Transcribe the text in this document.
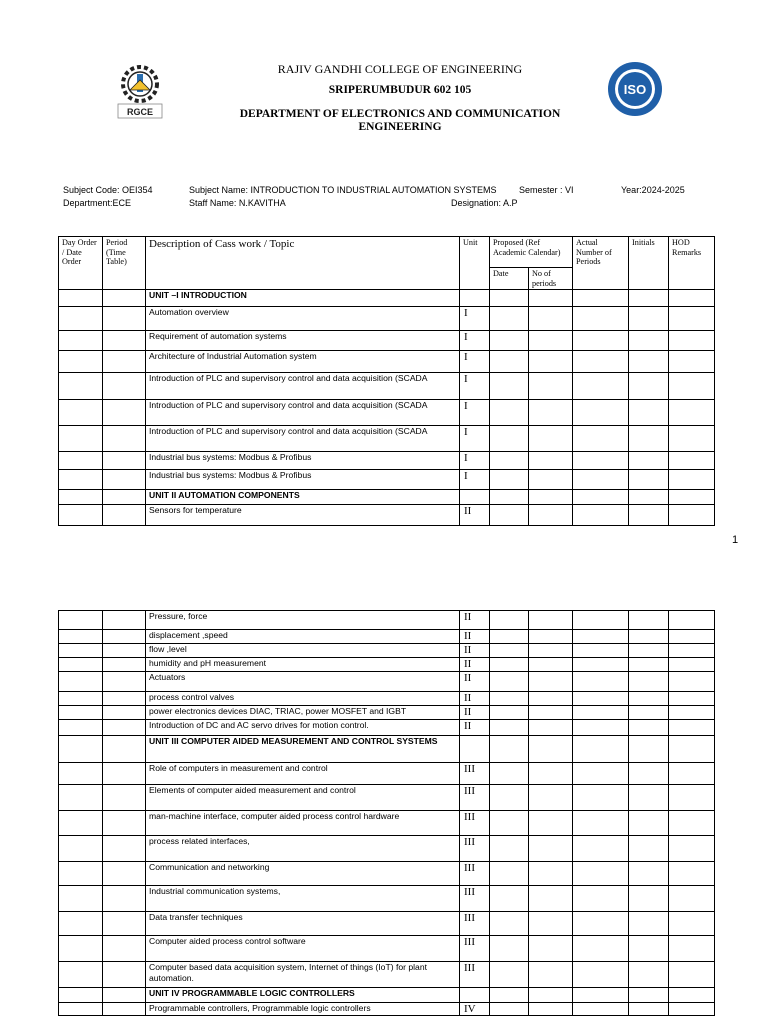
RGCE
ISO
RAJIV GANDHI COLLEGE OF ENGINEERING
SRIPERUMBUDUR 602 105
DEPARTMENT OF ELECTRONICS AND COMMUNICATION ENGINEERING
Subject Code: OEI354	Subject Name: INTRODUCTION TO INDUSTRIAL AUTOMATION SYSTEMS Semester : VI	Year:2024-2025
Department:ECE	Staff Name: N.KAVITHA	Designation: A.P
Day Order / Date Order	Period (Time Table)	Description of Cass work / Topic	Unit	Proposed (Ref Academic Calendar)		Actual Number of Periods	Initials	HOD Remarks
				Date	No of periods			
		UNIT –I INTRODUCTION						
		Automation overview	I					
		Requirement of automation systems	I					
		Architecture of Industrial Automation system	I					
		Introduction of PLC and supervisory control and data acquisition (SCADA	I					
		Introduction of PLC and supervisory control and data acquisition (SCADA	I					
		Introduction of PLC and supervisory control and data acquisition (SCADA	I					
		Industrial bus systems: Modbus & Profibus	I					
		Industrial bus systems: Modbus & Profibus	I					
		UNIT II AUTOMATION COMPONENTS						
		Sensors for temperature	II					
1
		Pressure, force	II					
		displacement ,speed	II					
		flow ,level	II					
		humidity and pH measurement	II					
		Actuators	II					
		process control valves	II					
		power electronics devices DIAC, TRIAC, power MOSFET and IGBT	II					
		Introduction of DC and AC servo drives for motion control.	II					
		UNIT III COMPUTER AIDED MEASUREMENT AND CONTROL SYSTEMS						
		Role of computers in measurement and control	III					
		Elements of computer aided measurement and control	III					
		man-machine interface, computer aided process control hardware	III					
		process related interfaces,	III					
		Communication and networking	III					
		Industrial communication systems,	III					
		Data transfer techniques	III					
		Computer aided process control software	III					
		Computer based data acquisition system, Internet of things (IoT) for plant automation.	III					
		UNIT IV PROGRAMMABLE LOGIC CONTROLLERS						
		Programmable controllers, Programmable logic controllers	IV					
